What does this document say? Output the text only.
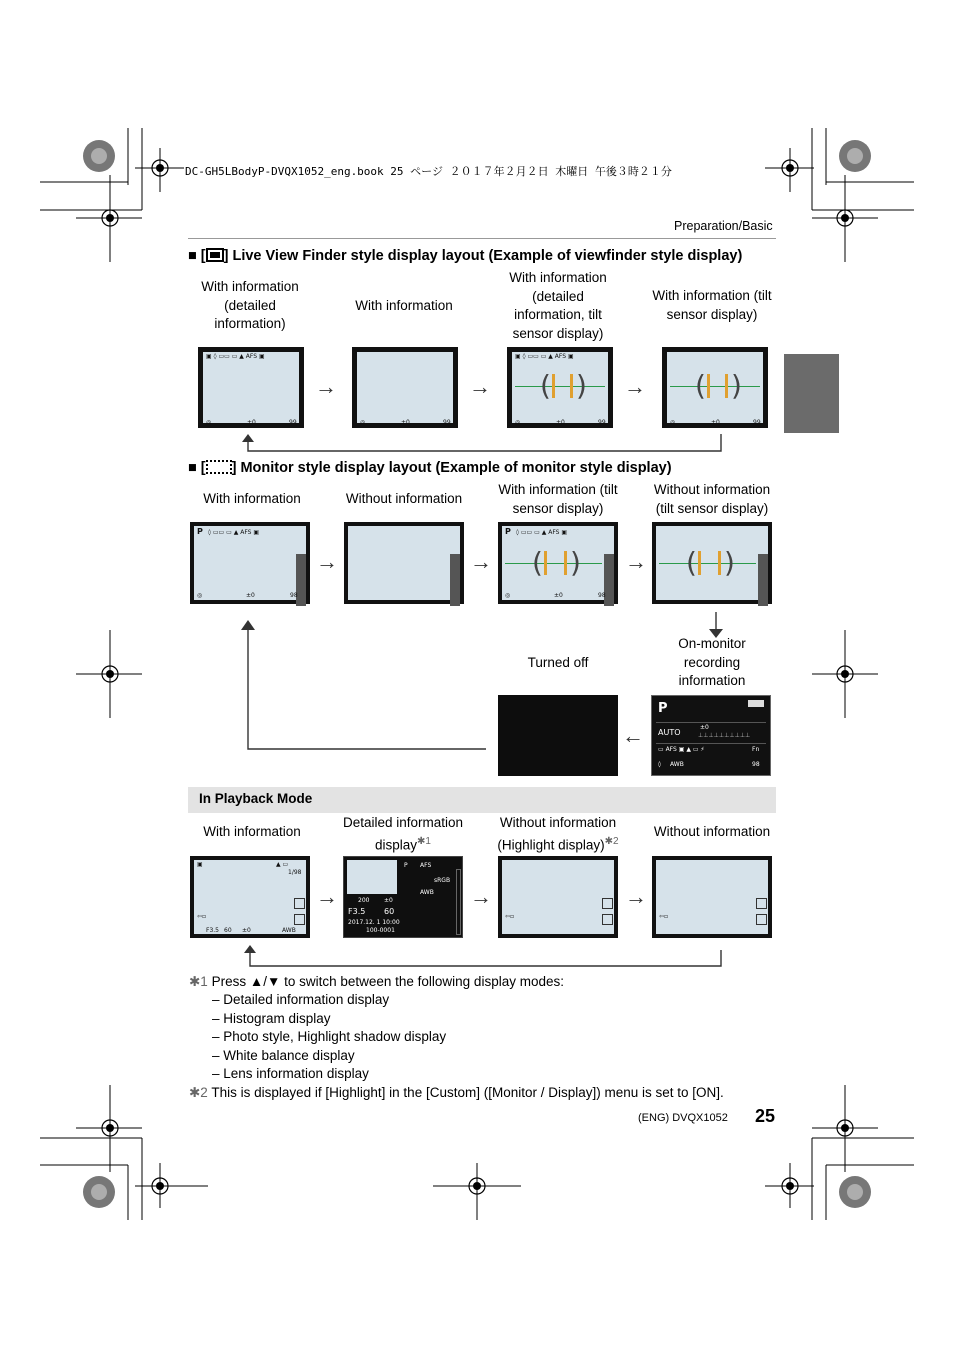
DC-GH5LBodyP-DVQX1052_eng.book 25 ページ ２０１７年２月２日 木曜日 午後３時２１分
Preparation/Basic
■ [ ] Live View Finder style display layout (Example of viewfinder style display)
With information (detailed information)
With information
With information (detailed information, tilt sensor display)
With information (tilt sensor display)
▣ ◊ ▭▭ ▭ ▲ AFS ▣
◎	±0	99	◎	±0	99
▣ ◊ ▭▭ ▭ ▲ AFS ▣
( )
◎	±0	99
( )
◎	±0	99
→	→	→
■ [ ] Monitor style display layout (Example of monitor style display)
With information	Without information
With information (tilt sensor display)
Without information (tilt sensor display)
P ◊ ▭▭ ▭ ▲ AFS ▣
◎	±0	98
P ◊ ▭▭ ▭ ▲ AFS ▣
( )
◎	±0	98
( )
→	→	→
Turned off
On-monitor recording information
P
AUTO
±0
⊥⊥⊥⊥⊥⊥⊥⊥⊥⊥
▭ AFS ▣ ▲ ▭ ⚡	Fn
◊ AWB	98
←
In Playback Mode
With information
Detailed information display$^{✱1}$
Without information (Highlight display)$^{✱2}$
Without information
▣	▲ ▭
1/98
⇦▫
F3.5 60 ±0	AWB
P AFS
sRGB
AWB
200 ±0
F3.5 60
2017.12. 1 10:00
100-0001
⇦▫	⇦▫
→	→	→
✱1 Press ▲/▼ to switch between the following display modes:
– Detailed information display
– Histogram display
– Photo style, Highlight shadow display
– White balance display
– Lens information display
✱2 This is displayed if [Highlight] in the [Custom] ([Monitor / Display]) menu is set to [ON].
(ENG) DVQX1052 25
